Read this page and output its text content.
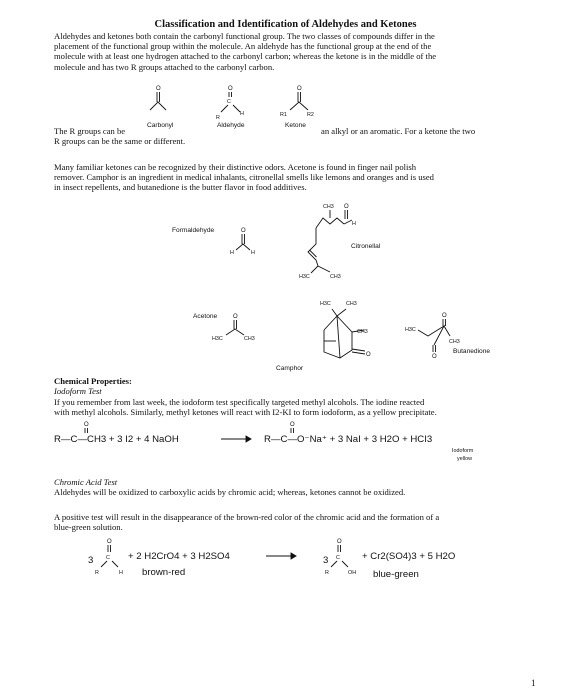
Classification and Identification of Aldehydes and Ketones
Aldehydes and ketones both contain the carbonyl functional group. The two classes of compounds differ in the
placement of the functional group within the molecule. An aldehyde has the functional group at the end of the
molecule with at least one hydrogen attached to the carbonyl carbon; whereas the ketone is in the middle of the
molecule and has two R groups attached to the carbonyl carbon.
O	O
C
R
H
O
R1	R2
Carbonyl	Aldehyde	Ketone
The R groups can be	an alkyl or an aromatic. For a ketone the two
R groups can be the same or different.
Many familiar ketones can be recognized by their distinctive odors. Acetone is found in finger nail polish
remover. Camphor is an ingredient in medical inhalants, citronellal smells like lemons and oranges and is used
in insect repellents, and butanedione is the butter flavor in food additives.
Formaldehyde	O
H	H
CH3 O
H
H3C	CH3
Citronellal
Acetone	O
H3C	CH3
H3C	CH3
CH3
O
Camphor
H3C
O
O
CH3
Butanedione
Chemical Properties:
Iodoform Test
If you remember from last week, the iodoform test specifically targeted methyl alcohols. The iodine reacted
with methyl alcohols. Similarly, methyl ketones will react with I2-KI to form iodoform, as a yellow precipitate.
O
R—C—CH3 + 3 I2 + 4 NaOH
O
R—C—O⁻Na⁺ + 3 NaI + 3 H2O + HCI3
Iodoform
yellow
Chromic Acid Test
Aldehydes will be oxidized to carboxylic acids by chromic acid; whereas, ketones cannot be oxidized.
A positive test will result in the disappearance of the brown-red color of the chromic acid and the formation of a
blue-green solution.
3
O
C
R	H
+ 2 H2CrO4 + 3 H2SO4
brown-red
3
O
C
R	OH
+ Cr2(SO4)3 + 5 H2O
blue-green
1
